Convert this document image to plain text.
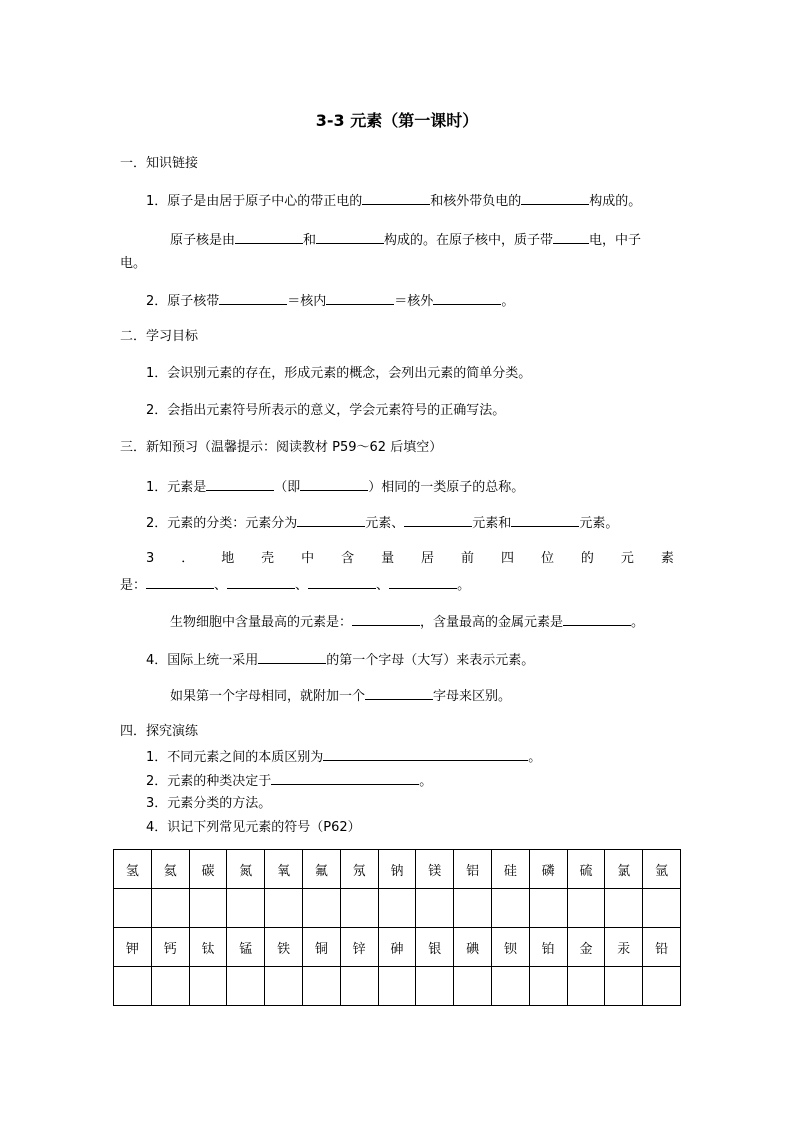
3-3 元素（第一课时）
一．知识链接
1．原子是由居于原子中心的带正电的	和核外带负电的	构成的。
原子核是由	和	构成的。在原子核中，质子带	电，中子
电。
2．原子核带	＝核内	＝核外	。
二．学习目标
1．会识别元素的存在，形成元素的概念，会列出元素的简单分类。
2．会指出元素符号所表示的意义，学会元素符号的正确写法。
三．新知预习（温馨提示：阅读教材 P59～62 后填空）
1．元素是	（即	）相同的一类原子的总称。
2．元素的分类：元素分为	元素、	元素和	元素。
3 ． 地 壳 中 含 量 居 前 四 位 的 元 素
是：	、	、	、	。
生物细胞中含量最高的元素是：	，含量最高的金属元素是	。
4．国际上统一采用	的第一个字母（大写）来表示元素。
如果第一个字母相同，就附加一个	字母来区别。
四．探究演练
1．不同元素之间的本质区别为	。
2．元素的种类决定于	。
3．元素分类的方法。
4．识记下列常见元素的符号（P62）
氢	氦	碳	氮	氧	氟	氖	钠	镁	铝	硅	磷	硫	氯	氩

钾	钙	钛	锰	铁	铜	锌	砷	银	碘	钡	铂	金	汞	铅
